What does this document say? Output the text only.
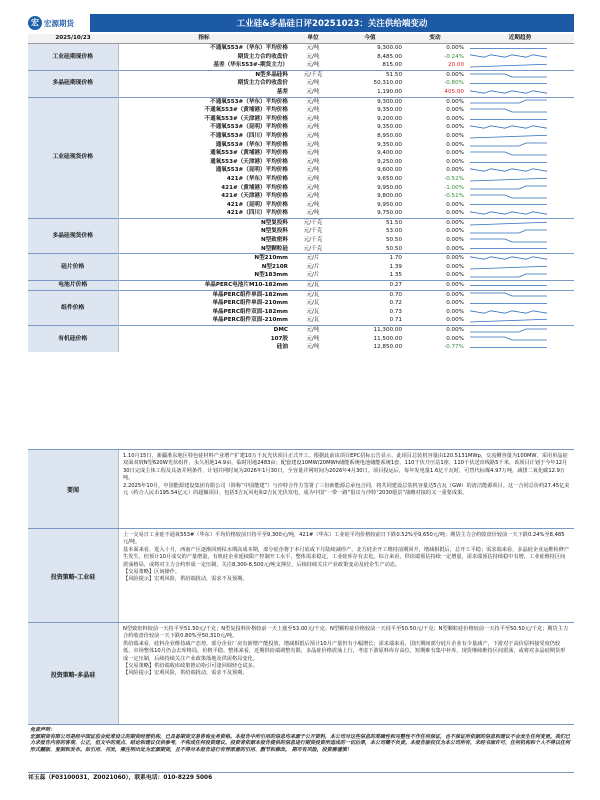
宏 宏源期货	工业硅&多晶硅日评20251023：关注供给端变动
2025/10/23	指标	单位	今值	变动	近期趋势
工业硅期现价格	不通氧553#（华东）平均价格	元/吨	9,300.00	0.00%	

	期货主力合约收盘价	元/吨	8,485.00	-0.24%	

	基差（华东553#-期货主力）	元/吨	815.00	20.00	

多晶硅期现价格	N型多晶硅料	元/千克	51.50	0.00%	

	期货主力合约收盘价	元/吨	50,310.00	-0.80%	

	基差	元/吨	1,190.00	405.00	

工业硅现货价格	不通氧553#（华东）平均价格	元/吨	9,300.00	0.00%	

	不通氧553#（黄埔港）平均价格	元/吨	9,350.00	0.00%	

	不通氧553#（天津港）平均价格	元/吨	9,200.00	0.00%	

	不通氧553#（昆明）平均价格	元/吨	9,350.00	0.00%	

	不通氧553#（四川）平均价格	元/吨	8,950.00	0.00%	

	通氧553#（华东）平均价格	元/吨	9,350.00	0.00%	

	通氧553#（黄埔港）平均价格	元/吨	9,400.00	0.00%	

	通氧553#（天津港）平均价格	元/吨	9,250.00	0.00%	

	通氧553#（昆明）平均价格	元/吨	9,600.00	0.00%	

	421#（华东）平均价格	元/吨	9,650.00	-0.52%	

	421#（黄埔港）平均价格	元/吨	9,950.00	-1.00%	

	421#（天津港）平均价格	元/吨	9,800.00	-0.51%	

	421#（昆明）平均价格	元/吨	9,950.00	0.00%	

	421#（四川）平均价格	元/吨	9,750.00	0.00%	

多晶硅现货价格	N型复投料	元/千克	51.50	0.00%	

	N型复投料	元/千克	53.00	0.00%	

	N型致密料	元/千克	50.50	0.00%	

	N型颗粒硅	元/千克	50.50	0.00%	

硅片价格	N型210mm	元/片	1.70	0.00%	

	N型210R	元/片	1.39	0.00%	

	N型183mm	元/片	1.35	0.00%	

电池片价格	单晶PERC电池片M10-182mm	元/瓦	0.27	0.00%	

组件价格	单晶PERC组件单面-182mm	元/瓦	0.70	0.00%	

	单晶PERC组件单面-210mm	元/瓦	0.72	0.00%	

	单晶PERC组件双面-182mm	元/瓦	0.73	0.00%	

	单晶PERC组件双面-210mm	元/瓦	0.71	0.00%	

有机硅价格	DMC	元/吨	11,300.00	0.00%	

	107胶	元/吨	11,500.00	0.00%	

	硅油	元/吨	12,850.00	-0.77%	
要闻

1.10月15日，新疆准东地区特色硅材料产业增产扩建10万千瓦光伏项目正式开工。根据此前该项目EPC招标公告显示，此项目总装机容量由120.5131MWp，交流侧容量为100MW，采用单晶硅双面双玻N型620W光伏组件，永久用地14.9亩，临时用地2483亩；配套建设10MW/20MWh储能系统电池储能系统1套、110千伏升压站1座、110千伏送出线路5千米。该项目计划于今年12月30日完成主体工程及具备并网条件，计划并网时间为2026年1月30日，全容量并网时间为2026年4月30日。项目投运后，每年发电量1.6亿千瓦时，可替代标煤4.97万吨，减排二氧化碳12.9万吨。

2.2025年10月，中国能源建设集团有限公司（简称“中国能建”）与沙特合作方签署了三份新能源总承包合同，将共同建设总装机容量达5吉瓦（GW）的清洁能源项目。这一合同总价约27.45亿美元（约合人民币195.54亿元）的超额项目，包括3吉瓦风电和2吉瓦光伏发电，成为中国“一带一路”倡议与沙特“2030愿景”战略对接的又一重要成果。

投资策略-工业硅

上一交易日工业硅不通氧553#（华东）平均价格较前日持平至9,300元/吨，421#（华东）工业硅平均价格较前日下跌0.52%至9,650元/吨；期货主力合约收盘价较前一天下跌0.24%至8,485元/吨。

基本面来看，进入十月，西南产区逐渐回到枯水期高成本期，部分硅企将于本月底或下月陆续减停产，北方硅企开工维持前期回升，增减相抵后，总开工平稳；需求端来看，多晶硅企业运维检修产生发生，但预计10月成交的产量增量，有机硅企业延续限产控制开工水平，整体需求稳定，工业硅库存有去化。综合来看，供给端预估持续一定增量，需求端预估持续稳中有增，工业硅维持区间震荡格局，或将对主力合约形成一定压制，关注8,300-8,500元/吨支撑位，后续持续关注产业政策变动及硅企生产动态。

【交易策略】区间操作。

【风险提示】宏观风险，供给端扰动，需求不及预期。

投资策略-多晶硅

N型致密料较前一天持平至51.50元/千克；N型复投料价格较前一天上涨至53.00元/千克；N型颗粒硅价格较前一天持平至50.50元/千克；N型颗粒硅价格较前一天持平至50.50元/千克；期货主力合约收盘价较前一天下跌0.80%至50,310元/吨。

供给端来看，硅料企业维持减产态势，部分企业厂房有新增产能投放，增减相抵后预计10月产量仍有小幅增长；需求端来看，国庆期间部分硅片企业有少量减产，下游对于高价原料接受度仍较低，市场整体10月仍会去库格局，价格平稳。整体来看，近期供给端调整有限，多晶硅价格震荡上行，考虑下游原料库存高位，短期难有集中补库，现货继续维持区间震荡，或将对多晶硅期货形成一定压制，后续持续关注产业政策落地及供需格局变化。

【交易策略】供给端收库政策推动指引可逢回调轻仓试多。

【风险提示】宏观风险，供给端扰动，需求不及预期。

免责声明：
宏源期货有限公司是经中国证监会批准设立的期货经营机构，已具备期货交易咨询业务资格。本报告中所引用的信息均来源于公开资料，本公司对这些信息的准确性和完整性不作任何保证，也不保证所依据的信息和建议不会发生任何变更。我们已力求报告内容的客观、公正，但文中的观点、结论和建议仅供参考，不构成任何投资建议。投资者依据本报告提供的信息进行期货投资所造成的一切后果，本公司概不负责。本报告版权仅为本公司所有，未经书面许可，任何机构和个人不得以任何形式翻版、复制和发布。如引用、刊发，需注明出处为宏源期货，且不得对本报告进行有悖原意的引用、删节和修改。 期市有风险，投资需谨慎！
祁玉蕊（F03100031，Z0021060），联系电话：010-8229 5006
